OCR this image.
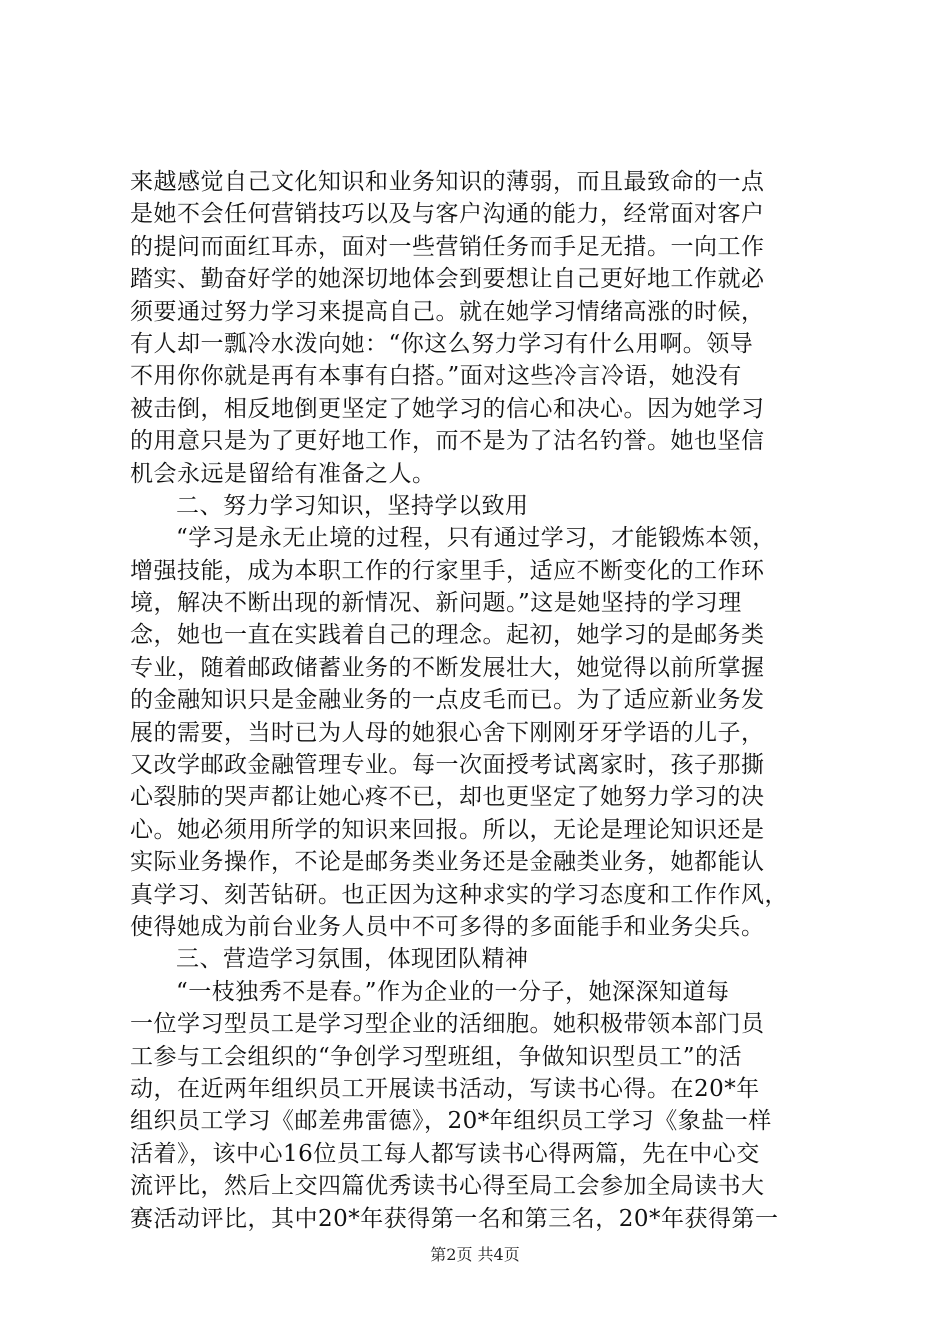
来越感觉自己文化知识和业务知识的薄弱，而且最致命的一点
是她不会任何营销技巧以及与客户沟通的能力，经常面对客户
的提问而面红耳赤，面对一些营销任务而手足无措。一向工作
踏实、勤奋好学的她深切地体会到要想让自己更好地工作就必
须要通过努力学习来提高自己。就在她学习情绪高涨的时候，
有人却一瓢冷水泼向她：“你这么努力学习有什么用啊。领导
不用你你就是再有本事有白搭。”面对这些冷言冷语，她没有
被击倒，相反地倒更坚定了她学习的信心和决心。因为她学习
的用意只是为了更好地工作，而不是为了沽名钓誉。她也坚信
机会永远是留给有准备之人。
二、努力学习知识，坚持学以致用
“学习是永无止境的过程，只有通过学习，才能锻炼本领，
增强技能，成为本职工作的行家里手，适应不断变化的工作环
境，解决不断出现的新情况、新问题。”这是她坚持的学习理
念，她也一直在实践着自己的理念。起初，她学习的是邮务类
专业，随着邮政储蓄业务的不断发展壮大，她觉得以前所掌握
的金融知识只是金融业务的一点皮毛而已。为了适应新业务发
展的需要，当时已为人母的她狠心舍下刚刚牙牙学语的儿子，
又改学邮政金融管理专业。每一次面授考试离家时，孩子那撕
心裂肺的哭声都让她心疼不已，却也更坚定了她努力学习的决
心。她必须用所学的知识来回报。所以，无论是理论知识还是
实际业务操作，不论是邮务类业务还是金融类业务，她都能认
真学习、刻苦钻研。也正因为这种求实的学习态度和工作作风，
使得她成为前台业务人员中不可多得的多面能手和业务尖兵。
三、营造学习氛围，体现团队精神
“一枝独秀不是春。”作为企业的一分子，她深深知道每
一位学习型员工是学习型企业的活细胞。她积极带领本部门员
工参与工会组织的“争创学习型班组，争做知识型员工”的活
动，在近两年组织员工开展读书活动，写读书心得。在20*年
组织员工学习《邮差弗雷德》，20*年组织员工学习《象盐一样
活着》，该中心16位员工每人都写读书心得两篇，先在中心交
流评比，然后上交四篇优秀读书心得至局工会参加全局读书大
赛活动评比，其中20*年获得第一名和第三名，20*年获得第一
第2页 共4页
